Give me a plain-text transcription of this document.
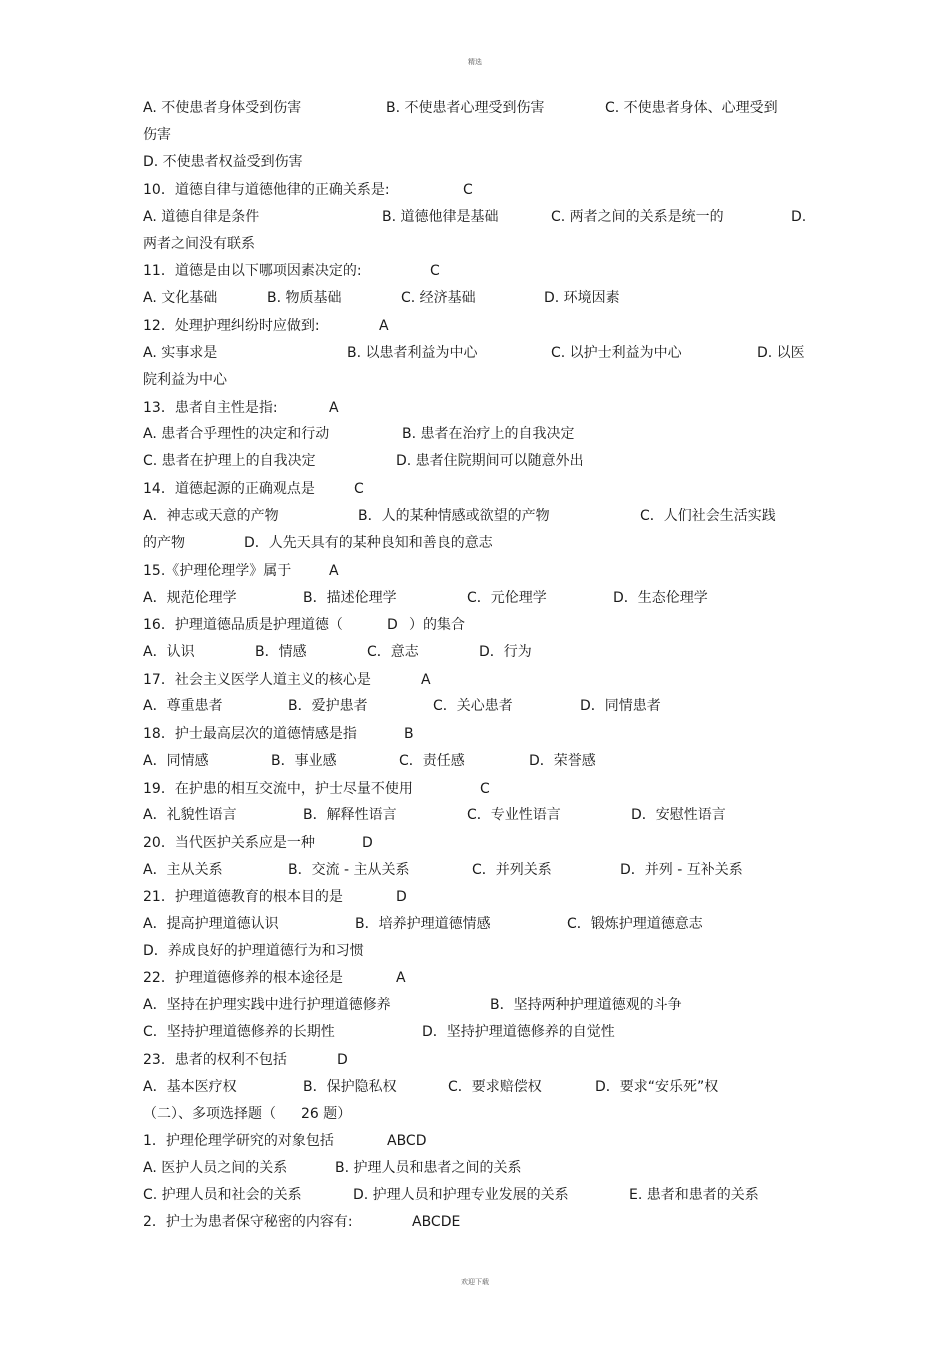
精选
A. 不使患者身体受到伤害	B. 不使患者心理受到伤害	C. 不使患者身体、心理受到
伤害
D. 不使患者权益受到伤害
10．道德自律与道德他律的正确关系是:	C
A. 道德自律是条件	B. 道德他律是基础	C. 两者之间的关系是统一的	D.
两者之间没有联系
11．道德是由以下哪项因素决定的:	C
A. 文化基础	B. 物质基础	C. 经济基础	D. 环境因素
12．处理护理纠纷时应做到:	A
A. 实事求是	B. 以患者利益为中心	C. 以护士利益为中心	D. 以医
院利益为中心
13．患者自主性是指:	A
A. 患者合乎理性的决定和行动	B. 患者在治疗上的自我决定
C. 患者在护理上的自我决定	D. 患者住院期间可以随意外出
14．道德起源的正确观点是	C
A．神志或天意的产物	B．人的某种情感或欲望的产物	C．人们社会生活实践
的产物	D．人先天具有的某种良知和善良的意志
15.《护理伦理学》属于	A
A．规范伦理学	B．描述伦理学	C．元伦理学	D．生态伦理学
16．护理道德品质是护理道德（	D ）的集合
A．认识	B．情感	C．意志	D．行为
17．社会主义医学人道主义的核心是	A
A．尊重患者	B．爱护患者	C．关心患者	D．同情患者
18．护士最高层次的道德情感是指	B
A．同情感	B．事业感	C．责任感	D．荣誉感
19．在护患的相互交流中，护士尽量不使用	C
A．礼貌性语言	B．解释性语言	C．专业性语言	D．安慰性语言
20．当代医护关系应是一种	D
A．主从关系	B．交流 - 主从关系	C．并列关系	D．并列 - 互补关系
21．护理道德教育的根本目的是	D
A．提高护理道德认识	B．培养护理道德情感	C．锻炼护理道德意志
D．养成良好的护理道德行为和习惯
22．护理道德修养的根本途径是	A
A．坚持在护理实践中进行护理道德修养	B．坚持两种护理道德观的斗争
C．坚持护理道德修养的长期性	D．坚持护理道德修养的自觉性
23．患者的权利不包括	D
A．基本医疗权	B．保护隐私权	C．要求赔偿权	D．要求“安乐死”权
（二）、多项选择题（ 26 题）
1．护理伦理学研究的对象包括	ABCD
A. 医护人员之间的关系	B. 护理人员和患者之间的关系
C. 护理人员和社会的关系	D. 护理人员和护理专业发展的关系	E. 患者和患者的关系
2．护士为患者保守秘密的内容有:	ABCDE
欢迎下载
